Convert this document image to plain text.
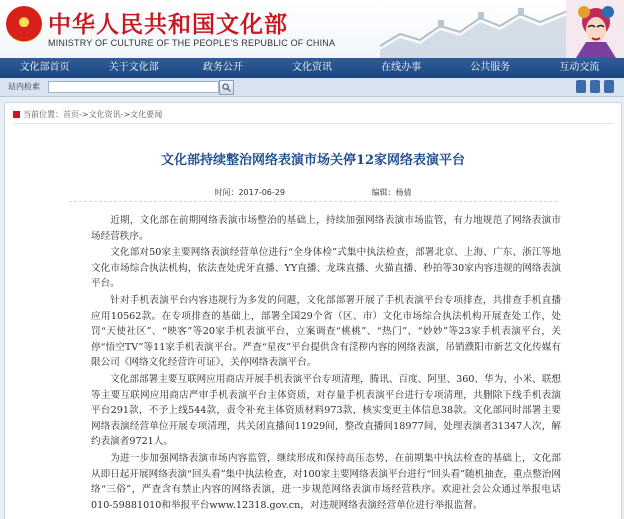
★ 中华人民共和国文化部
MINISTRY OF CULTURE OF THE PEOPLE'S REPUBLIC OF CHINA
文化部首页	关于文化部	政务公开	文化资讯	在线办事	公共服务	互动交流
站内检索
当前位置：首页->文化资讯->文化要闻
文化部持续整治网络表演市场关停12家网络表演平台
时间：2017-06-29	编辑：杨倩

近期，文化部在前期网络表演市场整治的基础上，持续加强网络表演市场监管，有力地规范了网络表演市场经营秩序。

文化部对50家主要网络表演经营单位进行“全身体检”式集中执法检查，部署北京、上海、广东、浙江等地文化市场综合执法机构，依法查处虎牙直播、YY直播、龙珠直播、火猫直播、秒拍等30家内容违规的网络表演平台。

针对手机表演平台内容违规行为多发的问题，文化部部署开展了手机表演平台专项排查，共排查手机直播应用10562款。在专项排查的基础上，部署全国29个省（区、市）文化市场综合执法机构开展查处工作，处罚“天使社区”、“映客”等20家手机表演平台，立案调查“桃桃”、“热门”、“妙妙”等23家手机表演平台，关停“悟空TV”等11家手机表演平台。严查“星夜”平台提供含有淫秽内容的网络表演，吊销濮阳市新艺文化传媒有限公司《网络文化经营许可证》，关停网络表演平台。

文化部部署主要互联网应用商店开展手机表演平台专项清理，腾讯、百度、阿里、360、华为、小米、联想等主要互联网应用商店严审手机表演平台主体资质，对存量手机表演平台进行专项清理，共删除下线手机表演平台291款，不予上线544款，责令补充主体资质材料973款，核实变更主体信息38款。文化部同时部署主要网络表演经营单位开展专项清理，共关闭直播间11929间，整改直播间18977间，处理表演者31347人次，解约表演者9721人。

为进一步加强网络表演市场内容监管，继续形成和保持高压态势，在前期集中执法检查的基础上，文化部从即日起开展网络表演“回头看”集中执法检查，对100家主要网络表演平台进行“回头看”随机抽查，重点整治网络“三俗”，严查含有禁止内容的网络表演，进一步规范网络表演市场经营秩序。欢迎社会公众通过举报电话010-59881010和举报平台www.12318.gov.cn，对违规网络表演经营单位进行举报监督。
